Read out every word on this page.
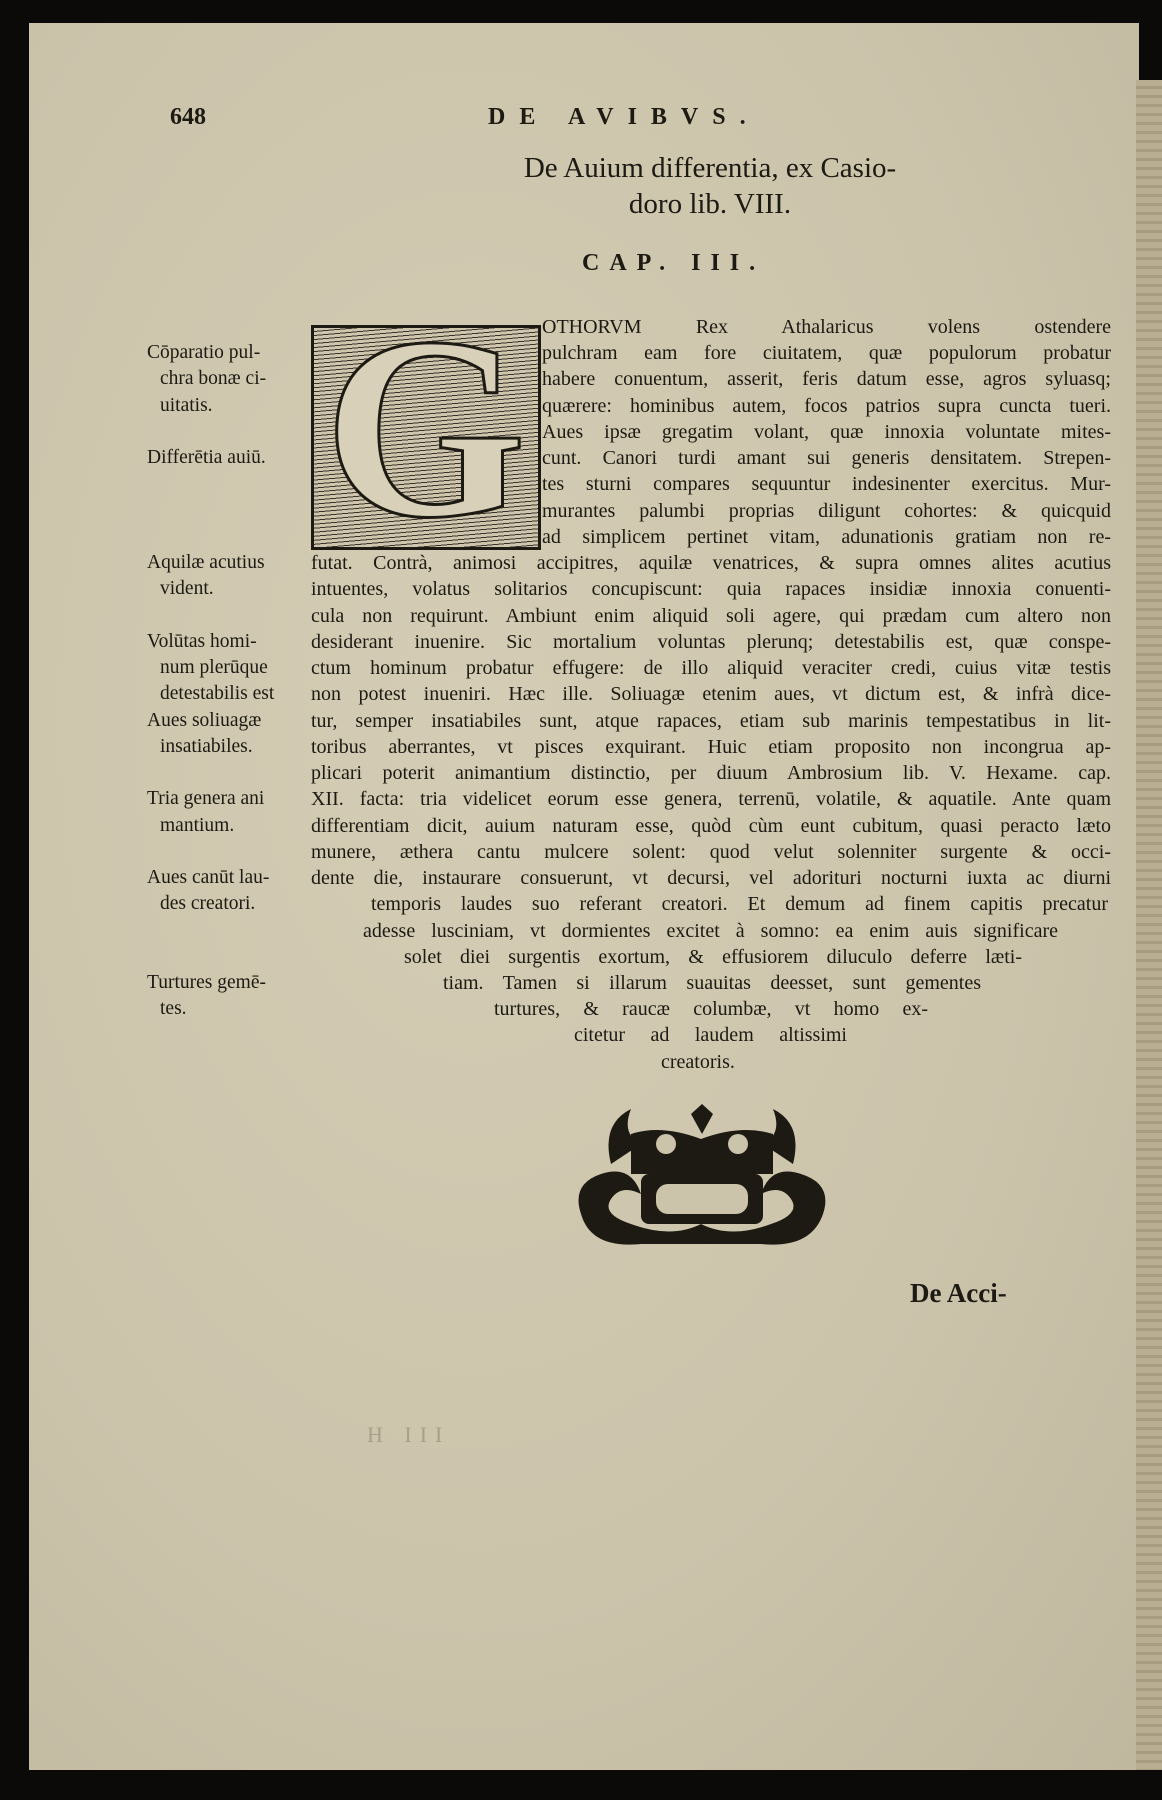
648	DE AVIBVS.
De Auium differentia, ex Casio-
doro lib. VIII.
CAP. III.
G OTHORVM Rex Athalaricus volens ostendere
pulchram eam fore ciuitatem, quæ populorum probatur
habere conuentum, asserit, feris datum esse, agros syluasq;
quærere: hominibus autem, focos patrios supra cuncta tueri.
Aues ipsæ gregatim volant, quæ innoxia voluntate mites-
cunt. Canori turdi amant sui generis densitatem. Strepen-
tes sturni compares sequuntur indesinenter exercitus. Mur-
murantes palumbi proprias diligunt cohortes: & quicquid
ad simplicem pertinet vitam, adunationis gratiam non re-
futat. Contrà, animosi accipitres, aquilæ venatrices, & supra omnes alites acutius
intuentes, volatus solitarios concupiscunt: quia rapaces insidiæ innoxia conuenti-
cula non requirunt. Ambiunt enim aliquid soli agere, qui prædam cum altero non
desiderant inuenire. Sic mortalium voluntas plerunq; detestabilis est, quæ conspe-
ctum hominum probatur effugere: de illo aliquid veraciter credi, cuius vitæ testis
non potest inueniri. Hæc ille. Soliuagæ etenim aues, vt dictum est, & infrà dice-
tur, semper insatiabiles sunt, atque rapaces, etiam sub marinis tempestatibus in lit-
toribus aberrantes, vt pisces exquirant. Huic etiam proposito non incongrua ap-
plicari poterit animantium distinctio, per diuum Ambrosium lib. V. Hexame. cap.
XII. facta: tria videlicet eorum esse genera, terrenū, volatile, & aquatile. Ante quam
differentiam dicit, auium naturam esse, quòd cùm eunt cubitum, quasi peracto læto
munere, æthera cantu mulcere solent: quod velut solenniter surgente & occi-
dente die, instaurare consuerunt, vt decursi, vel adorituri nocturni iuxta ac diurni
temporis laudes suo referant creatori. Et demum ad finem capitis precatur
adesse lusciniam, vt dormientes excitet à somno: ea enim auis significare
solet diei surgentis exortum, & effusiorem diluculo deferre læti-
tiam. Tamen si illarum suauitas deesset, sunt gementes
turtures, & raucæ columbæ, vt homo ex-
citetur ad laudem altissimi
creatoris.
Cōparatio pul-
chra bonæ ci-
uitatis.
Differētia auiū.
Aquilæ acutius
vident.
Volūtas homi-
num plerūque
detestabilis est
Aues soliuagæ
insatiabiles.
Tria genera ani
mantium.
Aues canūt lau-
des creatori.
Turtures gemē-
tes.
De Acci-
H III
